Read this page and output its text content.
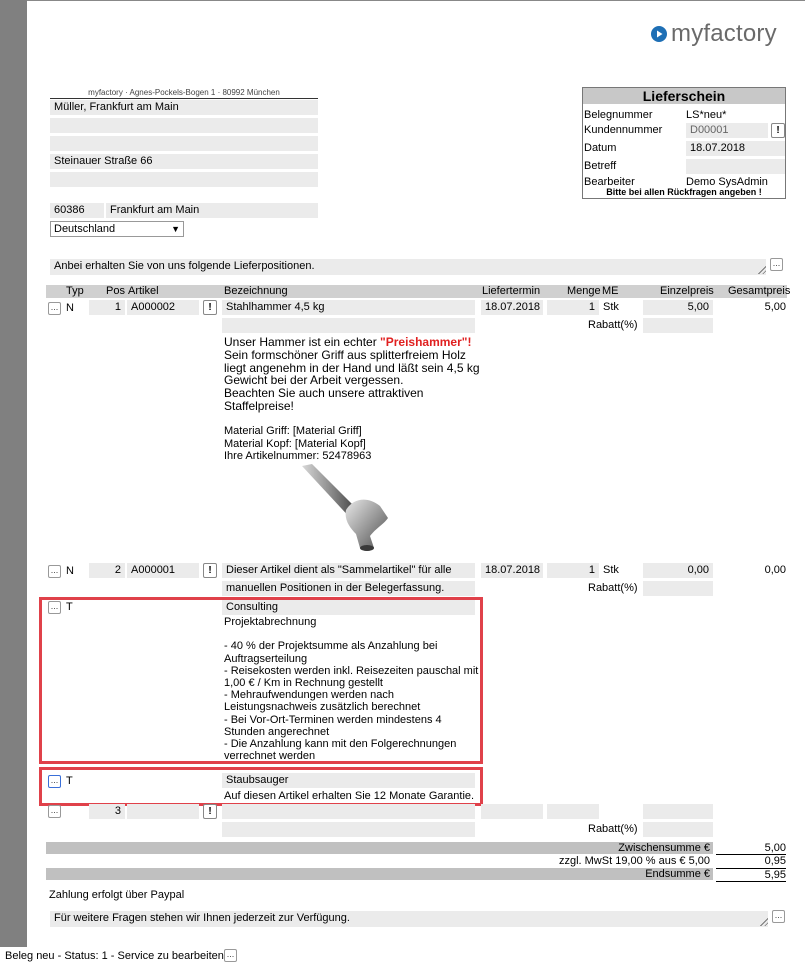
myfactory
myfactory · Agnes-Pockels-Bogen 1 · 80992 München
Müller, Frankfurt am Main
Steinauer Straße 66
60386	Frankfurt am Main
Deutschland	▼
Lieferschein
Belegnummer	LS*neu*
Kundennummer	D00001	!
Datum	18.07.2018
Betreff
Bearbeiter	Demo SysAdmin
Bitte bei allen Rückfragen angeben !
Anbei erhalten Sie von uns folgende Lieferpositionen.	...
Typ Pos Artikel	Bezeichnung	Liefertermin Menge ME	Einzelpreis Gesamtpreis
... N	1 A000002	!	Stahlhammer 4,5 kg	18.07.2018	1 Stk	5,00	5,00
Rabatt(%)
Unser Hammer ist ein echter "Preishammer"!
Sein formschöner Griff aus splitterfreiem Holz
liegt angenehm in der Hand und läßt sein 4,5 kg
Gewicht bei der Arbeit vergessen.
Beachten Sie auch unsere attraktiven
Staffelpreise!
Material Griff: [Material Griff]
Material Kopf: [Material Kopf]
Ihre Artikelnummer: 52478963
... N	2 A000001	!	Dieser Artikel dient als "Sammelartikel" für alle	18.07.2018	1 Stk	0,00	0,00
manuellen Positionen in der Belegerfassung.	Rabatt(%)
... T	Consulting
Projektabrechnung
- 40 % der Projektsumme als Anzahlung bei
Auftragserteilung
- Reisekosten werden inkl. Reisezeiten pauschal mit
1,00 € / Km in Rechnung gestellt
- Mehraufwendungen werden nach
Leistungsnachweis zusätzlich berechnet
- Bei Vor-Ort-Terminen werden mindestens 4
Stunden angerechnet
- Die Anzahlung kann mit den Folgerechnungen
verrechnet werden
... T	Staubsauger
Auf diesen Artikel erhalten Sie 12 Monate Garantie.
...	3	!
Rabatt(%)
Zwischensumme €	5,00
zzgl. MwSt 19,00 % aus € 5,00	0,95
Endsumme €	5,95
Zahlung erfolgt über Paypal
Für weitere Fragen stehen wir Ihnen jederzeit zur Verfügung.	...
Beleg neu - Status: 1 - Service zu bearbeiten ...
